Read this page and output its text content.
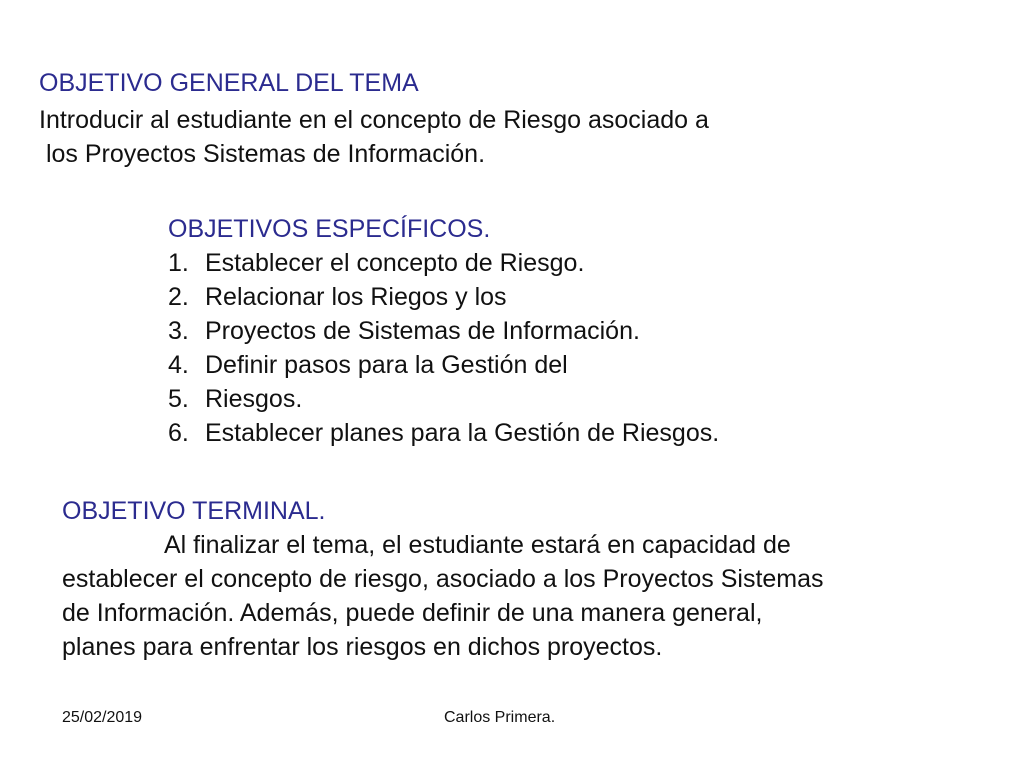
OBJETIVO GENERAL DEL TEMA

Introducir al estudiante en el concepto de Riesgo asociado a

los Proyectos Sistemas de Información.

OBJETIVOS ESPECÍFICOS.

1. Establecer el concepto de Riesgo.
2. Relacionar los Riegos y los
3. Proyectos de Sistemas de Información.
4. Definir pasos para la Gestión del
5. Riesgos.
6. Establecer planes para la Gestión de Riesgos.

OBJETIVO TERMINAL.

Al finalizar el tema, el estudiante estará en capacidad de

establecer el concepto de riesgo, asociado a los Proyectos Sistemas

de Información. Además, puede definir de una manera general,

planes para enfrentar los riesgos en dichos proyectos.

25/02/2019	Carlos Primera.
